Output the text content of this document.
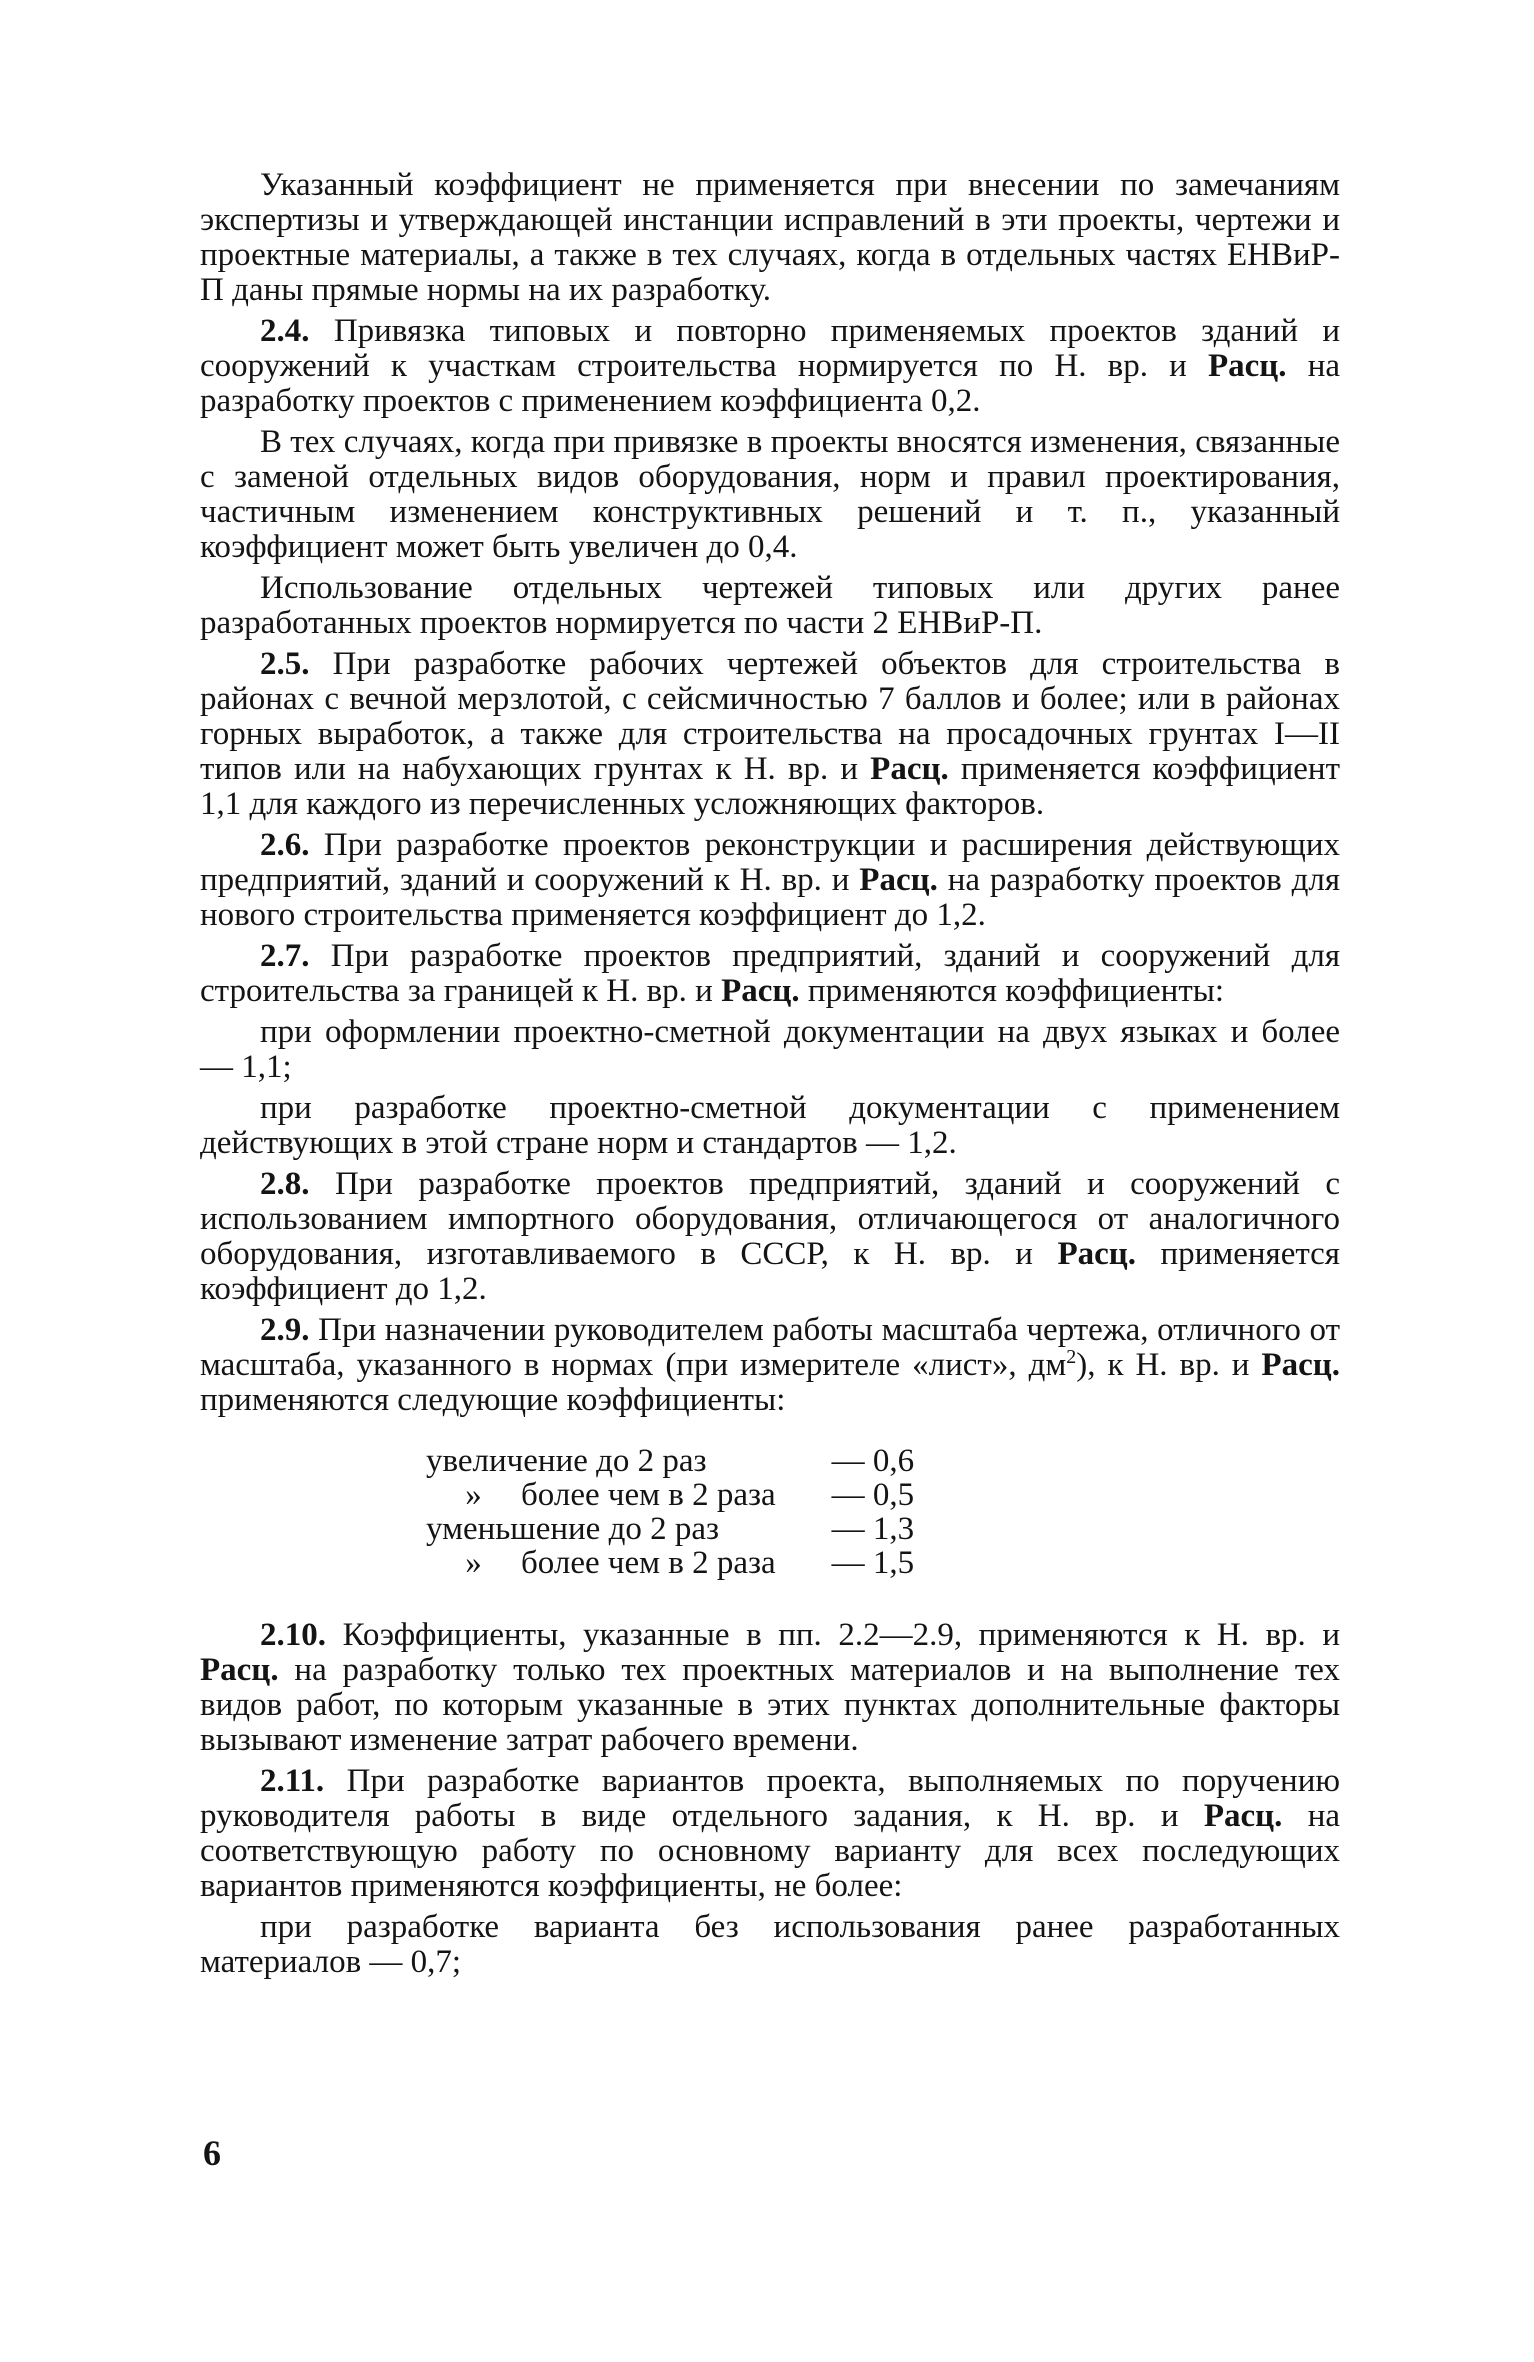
Указанный коэффициент не применяется при внесении по замечаниям экспертизы и утверждающей инстанции исправлений в эти проекты, чертежи и проектные материалы, а также в тех случаях, когда в отдельных частях ЕНВиР-П даны прямые нормы на их разработку.

2.4. Привязка типовых и повторно применяемых проектов зданий и сооружений к участкам строительства нормируется по Н. вр. и Расц. на разработку проектов с применением коэффициента 0,2.

В тех случаях, когда при привязке в проекты вносятся изменения, связанные с заменой отдельных видов оборудования, норм и правил проектирования, частичным изменением конструктивных решений и т. п., указанный коэффициент может быть увеличен до 0,4.

Использование отдельных чертежей типовых или других ранее разработанных проектов нормируется по части 2 ЕНВиР-П.

2.5. При разработке рабочих чертежей объектов для строительства в районах с вечной мерзлотой, с сейсмичностью 7 баллов и более; или в районах горных выработок, а также для строительства на просадочных грунтах I—II типов или на набухающих грунтах к Н. вр. и Расц. применяется коэффициент 1,1 для каждого из перечисленных усложняющих факторов.

2.6. При разработке проектов реконструкции и расширения действующих предприятий, зданий и сооружений к Н. вр. и Расц. на разработку проектов для нового строительства применяется коэффициент до 1,2.

2.7. При разработке проектов предприятий, зданий и сооружений для строительства за границей к Н. вр. и Расц. применяются коэффициенты:

при оформлении проектно-сметной документации на двух языках и более — 1,1;

при разработке проектно-сметной документации с применением действующих в этой стране норм и стандартов — 1,2.

2.8. При разработке проектов предприятий, зданий и сооружений с использованием импортного оборудования, отличающегося от аналогичного оборудования, изготавливаемого в СССР, к Н. вр. и Расц. применяется коэффициент до 1,2.

2.9. При назначении руководителем работы масштаба чертежа, отличного от масштаба, указанного в нормах (при измерителе «лист», $дм^2$), к Н. вр. и Расц. применяются следующие коэффициенты:

увеличение до 2 раз	— 0,6
» более чем в 2 раза	— 0,5
уменьшение до 2 раз	— 1,3
» более чем в 2 раза	— 1,5

2.10. Коэффициенты, указанные в пп. 2.2—2.9, применяются к Н. вр. и Расц. на разработку только тех проектных материалов и на выполнение тех видов работ, по которым указанные в этих пунктах дополнительные факторы вызывают изменение затрат рабочего времени.

2.11. При разработке вариантов проекта, выполняемых по поручению руководителя работы в виде отдельного задания, к Н. вр. и Расц. на соответствующую работу по основному варианту для всех последующих вариантов применяются коэффициенты, не более:

при разработке варианта без использования ранее разработанных материалов — 0,7;

6
